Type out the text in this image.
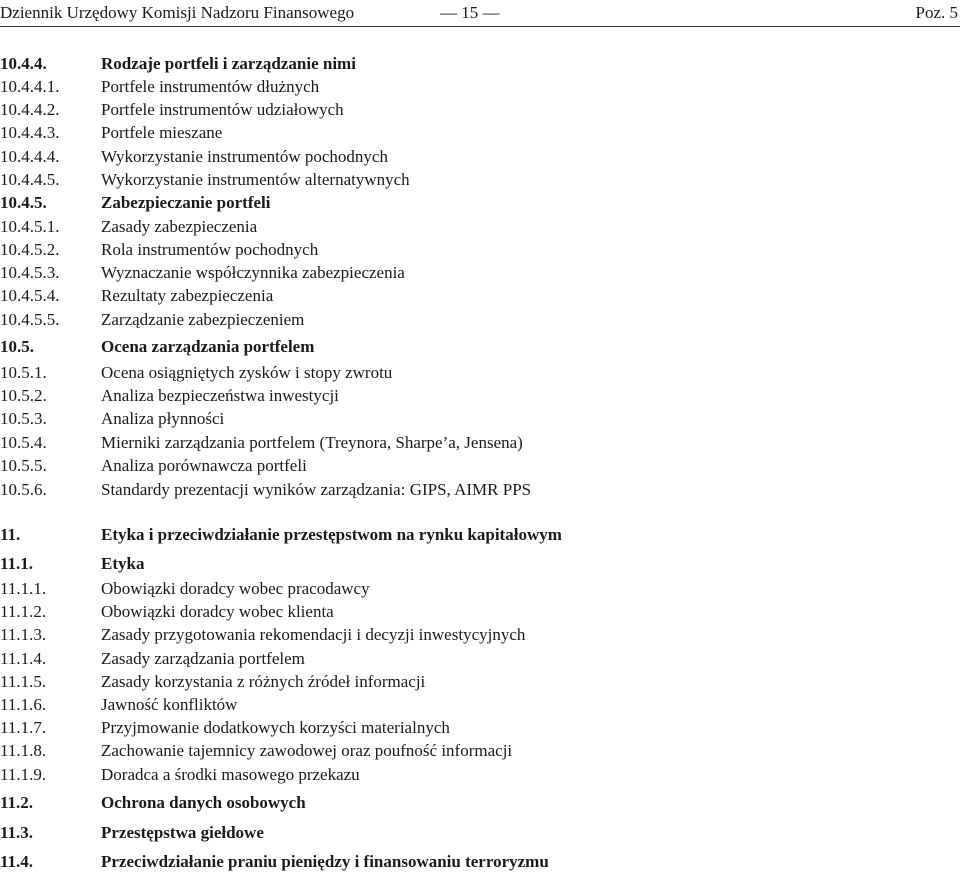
Dziennik Urzędowy Komisji Nadzoru Finansowego	— 15 —	Poz. 5
10.4.4.	Rodzaje portfeli i zarządzanie nimi
10.4.4.1. Portfele instrumentów dłużnych
10.4.4.2. Portfele instrumentów udziałowych
10.4.4.3. Portfele mieszane
10.4.4.4. Wykorzystanie instrumentów pochodnych
10.4.4.5. Wykorzystanie instrumentów alternatywnych
10.4.5.	Zabezpieczanie portfeli
10.4.5.1. Zasady zabezpieczenia
10.4.5.2. Rola instrumentów pochodnych
10.4.5.3. Wyznaczanie współczynnika zabezpieczenia
10.4.5.4. Rezultaty zabezpieczenia
10.4.5.5. Zarządzanie zabezpieczeniem
10.5.	Ocena zarządzania portfelem
10.5.1.	Ocena osiągniętych zysków i stopy zwrotu
10.5.2.	Analiza bezpieczeństwa inwestycji
10.5.3.	Analiza płynności
10.5.4.	Mierniki zarządzania portfelem (Treynora, Sharpe’a, Jensena)
10.5.5.	Analiza porównawcza portfeli
10.5.6.	Standardy prezentacji wyników zarządzania: GIPS, AIMR PPS
11.	Etyka i przeciwdziałanie przestępstwom na rynku kapitałowym
11.1.	Etyka
11.1.1.	Obowiązki doradcy wobec pracodawcy
11.1.2.	Obowiązki doradcy wobec klienta
11.1.3.	Zasady przygotowania rekomendacji i decyzji inwestycyjnych
11.1.4.	Zasady zarządzania portfelem
11.1.5.	Zasady korzystania z różnych źródeł informacji
11.1.6.	Jawność konfliktów
11.1.7.	Przyjmowanie dodatkowych korzyści materialnych
11.1.8.	Zachowanie tajemnicy zawodowej oraz poufność informacji
11.1.9.	Doradca a środki masowego przekazu
11.2.	Ochrona danych osobowych
11.3.	Przestępstwa giełdowe
11.4.	Przeciwdziałanie praniu pieniędzy i finansowaniu terroryzmu
